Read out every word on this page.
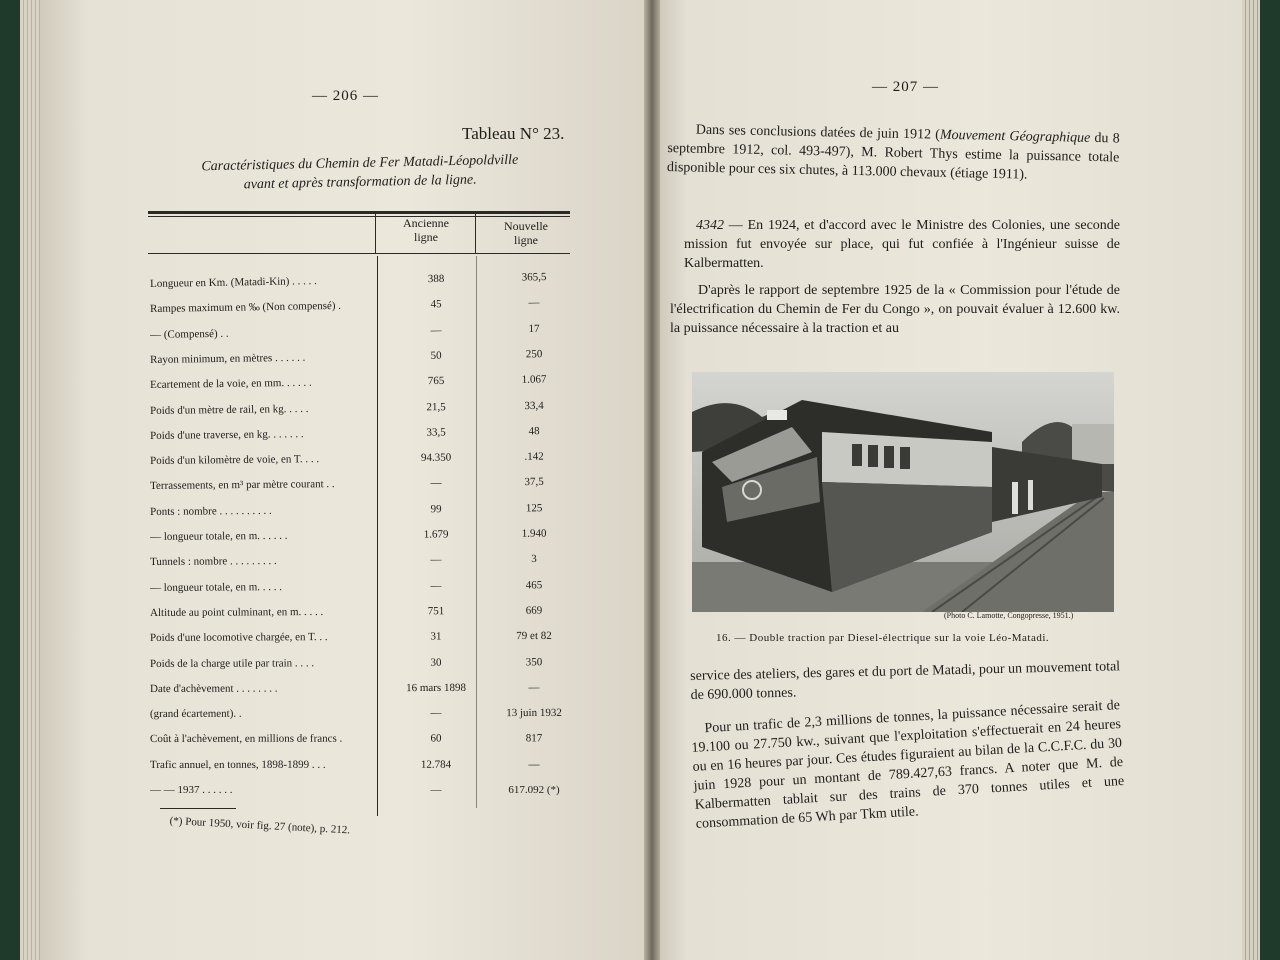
— 206 —
Tableau N° 23.
Caractéristiques du Chemin de Fer Matadi-Léopoldville
avant et après transformation de la ligne.
Ancienne
ligne
Nouvelle
ligne
Longueur en Km. (Matadi-Kin) . . . . .	388	365,5
Rampes maximum en ‰ (Non compensé) .	45	—
— (Compensé) . .	—	17
Rayon minimum, en mètres . . . . . .	50	250
Ecartement de la voie, en mm. . . . . .	765	1.067
Poids d'un mètre de rail, en kg. . . . .	21,5	33,4
Poids d'une traverse, en kg. . . . . . .	33,5	48
Poids d'un kilomètre de voie, en T. . . .	94.350	.142
Terrassements, en m³ par mètre courant . .	—	37,5
Ponts : nombre . . . . . . . . . .	99	125
— longueur totale, en m. . . . . .	1.679	1.940
Tunnels : nombre . . . . . . . . .	—	3
— longueur totale, en m. . . . .	—	465
Altitude au point culminant, en m. . . . .	751	669
Poids d'une locomotive chargée, en T. . .	31	79 et 82
Poids de la charge utile par train . . . .	30	350
Date d'achèvement . . . . . . . .	16 mars 1898	—
(grand écartement). .	—	13 juin 1932
Coût à l'achèvement, en millions de francs .	60	817
Trafic annuel, en tonnes, 1898-1899 . . .	12.784	—
— — 1937 . . . . . .	—	617.092 (*)
(*) Pour 1950, voir fig. 27 (note), p. 212.
— 207 —
Dans ses conclusions datées de juin 1912 (Mouvement Géographique du 8 septembre 1912, col. 493-497), M. Robert Thys estime la puissance totale disponible pour ces six chutes, à 113.000 chevaux (étiage 1911).
4342 — En 1924, et d'accord avec le Ministre des Colonies, une seconde mission fut envoyée sur place, qui fut confiée à l'Ingénieur suisse de Kalbermatten.
D'après le rapport de septembre 1925 de la « Commission pour l'étude de l'électrification du Chemin de Fer du Congo », on pouvait évaluer à 12.600 kw. la puissance nécessaire à la traction et au
(Photo C. Lamotte, Congopresse, 1951.)
16. — Double traction par Diesel-électrique sur la voie Léo-Matadi.
service des ateliers, des gares et du port de Matadi, pour un mouvement total de 690.000 tonnes.
Pour un trafic de 2,3 millions de tonnes, la puissance nécessaire serait de 19.100 ou 27.750 kw., suivant que l'exploitation s'effectuerait en 24 heures ou en 16 heures par jour. Ces études figuraient au bilan de la C.C.F.C. du 30 juin 1928 pour un montant de 789.427,63 francs. A noter que M. de Kalbermatten tablait sur des trains de 370 tonnes utiles et une consommation de 65 Wh par Tkm utile.
